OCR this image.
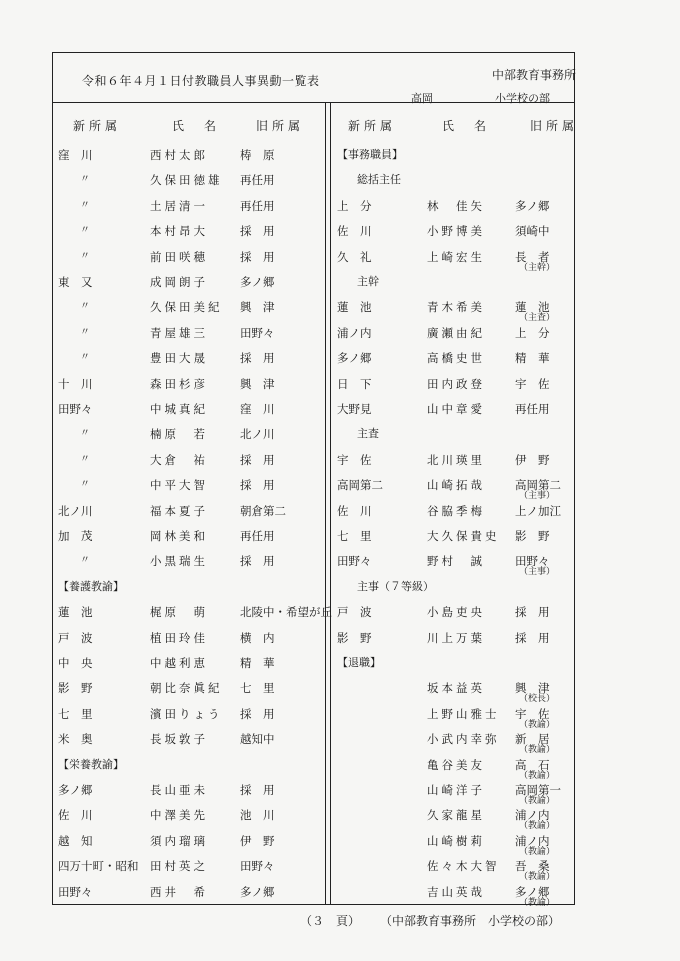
令和６年４月１日付教職員人事異動一覧表	中部教育事務所
高岡	小学校の部
新所属	氏　名	旧所属	新所属	氏　名	旧所属
窪　川	西村太郎	梼　原
〃	久保田徳雄 再任用
〃	土居清一	再任用
〃	本村昂大	採　用
〃	前田咲穂	採　用
東　又	成岡朗子	多ノ郷
〃	久保田美紀 興　津
〃	青屋雄三	田野々
〃	豊田大晟	採　用
十　川	森田杉彦	興　津
田野々	中城真紀	窪　川
〃	楠原　若	北ノ川
〃	大倉　祐	採　用
〃	中平大智	採　用
北ノ川	福本夏子	朝倉第二
加　茂	岡林美和	再任用
〃	小黒瑞生	採　用
【養護教諭】
蓮　池	梶原　萌	北陵中・希望が丘
戸　波	植田玲佳	横　内
中　央	中越利恵	精　華
影　野	朝比奈眞紀 七　里
七　里	濱田りょう 採　用
米　奥	長坂敦子	越知中
【栄養教諭】
多ノ郷	長山亜未	採　用
佐　川	中澤美先	池　川
越　知	須内瑠璃	伊　野
四万十町・昭和 田村英之	田野々
田野々	西井　希	多ノ郷
【事務職員】
総括主任
上　分	林　佳矢	多ノ郷
佐　川	小野博美	須崎中
久　礼	上崎宏生	長　者
（主幹）
主幹
蓮　池	青木希美	蓮　池
（主査）
浦ノ内	廣瀬由紀	上　分
多ノ郷	高橋史世	精　華
日　下	田内政登	宇　佐
大野見	山中章愛	再任用
主査
宇　佐	北川瑛里	伊　野
高岡第二	山崎拓哉	高岡第二
（主事）
佐　川	谷脇季梅	上ノ加江
七　里	大久保貴史 影　野
田野々	野村　誠	田野々
（主事）
主事（７等級）
戸　波	小島吏央	採　用
影　野	川上万葉	採　用
【退職】
坂本益英	興　津
（校長）
上野山雅士 宇　佐
（教諭）
小武内幸弥 新　居
（教諭）
亀谷美友	高　石
（教諭）
山崎洋子	高岡第一
（教諭）
久家龍星	浦ノ内
（教諭）
山崎樹莉	浦ノ内
（教諭）
佐々木大智 吾　桑
（教諭）
吉山英哉	多ノ郷
（教諭）
（３　頁） （中部教育事務所　小学校の部）
